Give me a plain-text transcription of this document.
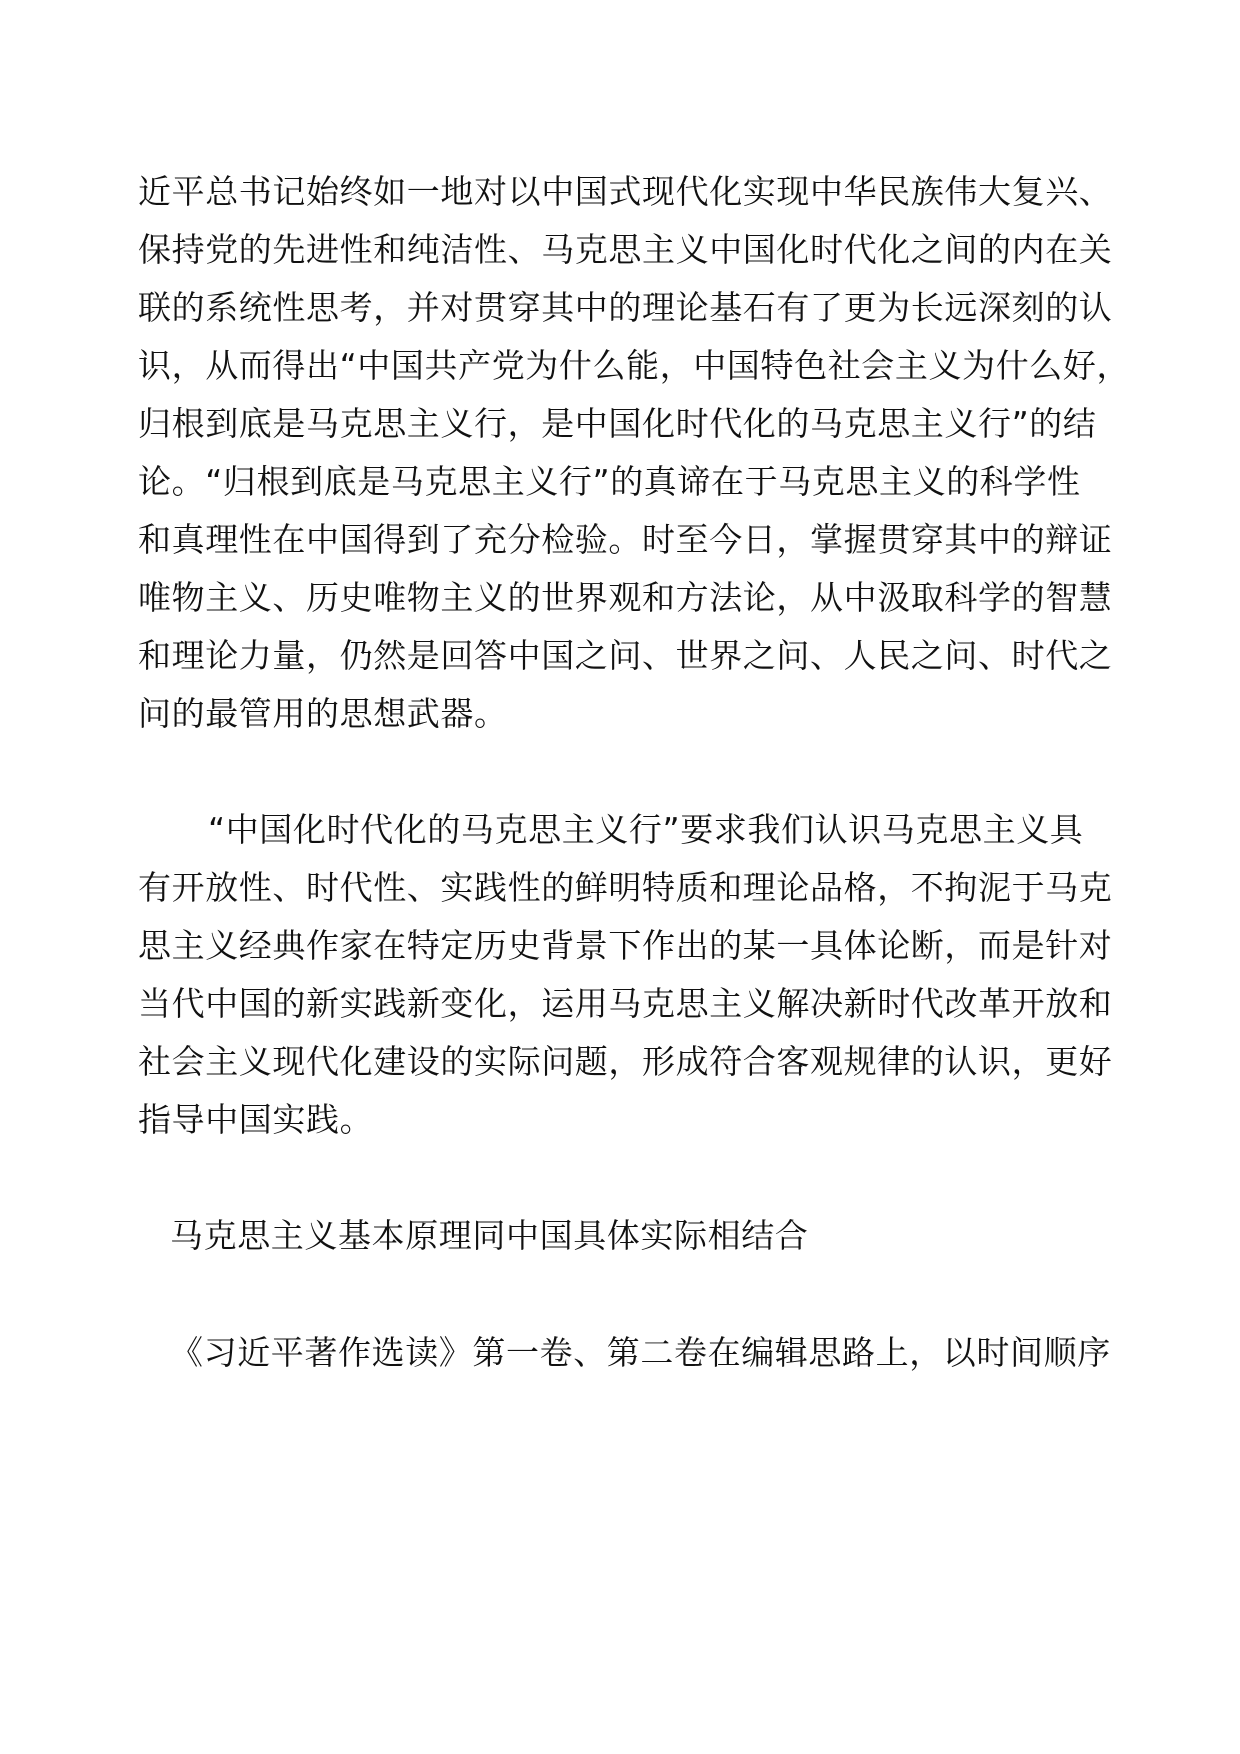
近平总书记始终如一地对以中国式现代化实现中华民族伟大复兴、

保持党的先进性和纯洁性、马克思主义中国化时代化之间的内在关

联的系统性思考，并对贯穿其中的理论基石有了更为长远深刻的认

识，从而得出“中国共产党为什么能，中国特色社会主义为什么好，

归根到底是马克思主义行，是中国化时代化的马克思主义行”的结

论。“归根到底是马克思主义行”的真谛在于马克思主义的科学性

和真理性在中国得到了充分检验。时至今日，掌握贯穿其中的辩证

唯物主义、历史唯物主义的世界观和方法论，从中汲取科学的智慧

和理论力量，仍然是回答中国之问、世界之问、人民之问、时代之

问的最管用的思想武器。

“中国化时代化的马克思主义行”要求我们认识马克思主义具

有开放性、时代性、实践性的鲜明特质和理论品格，不拘泥于马克

思主义经典作家在特定历史背景下作出的某一具体论断，而是针对

当代中国的新实践新变化，运用马克思主义解决新时代改革开放和

社会主义现代化建设的实际问题，形成符合客观规律的认识，更好

指导中国实践。

马克思主义基本原理同中国具体实际相结合

《习近平著作选读》第一卷、第二卷在编辑思路上，以时间顺序
